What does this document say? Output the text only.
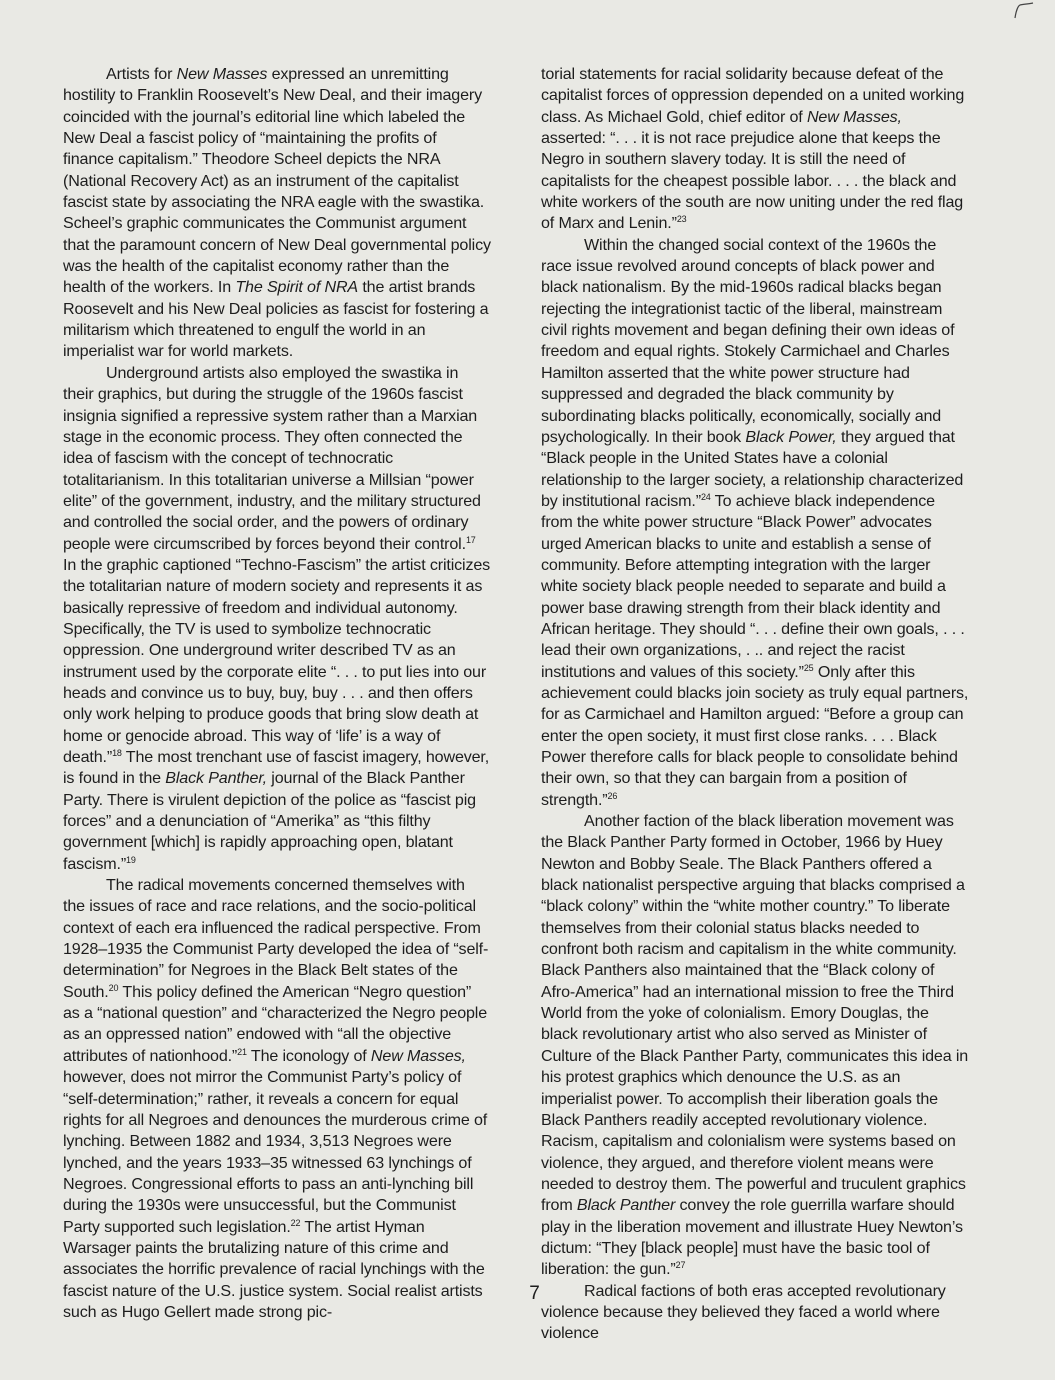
Artists for New Masses expressed an unremitting hostility to Franklin Roosevelt’s New Deal, and their imagery coincided with the journal’s editorial line which labeled the New Deal a fascist policy of “maintaining the profits of finance capitalism.” Theodore Scheel depicts the NRA (National Recovery Act) as an instrument of the capitalist fascist state by associating the NRA eagle with the swastika. Scheel’s graphic communicates the Communist argument that the paramount concern of New Deal governmental policy was the health of the capitalist economy rather than the health of the workers. In The Spirit of NRA the artist brands Roosevelt and his New Deal policies as fascist for fostering a militarism which threatened to engulf the world in an imperialist war for world markets.

Underground artists also employed the swastika in their graphics, but during the struggle of the 1960s fascist insignia signified a repressive system rather than a Marxian stage in the economic process. They often connected the idea of fascism with the concept of technocratic totalitarianism. In this totalitarian universe a Millsian “power elite” of the government, industry, and the military structured and controlled the social order, and the powers of ordinary people were circumscribed by forces beyond their control.$^{17}$ In the graphic captioned “Techno-Fascism” the artist criticizes the totalitarian nature of modern society and represents it as basically repressive of freedom and individual autonomy. Specifically, the TV is used to symbolize technocratic oppression. One underground writer described TV as an instrument used by the corporate elite “. . . to put lies into our heads and convince us to buy, buy, buy . . . and then offers only work helping to produce goods that bring slow death at home or genocide abroad. This way of ‘life’ is a way of death.”$^{18}$ The most trenchant use of fascist imagery, however, is found in the Black Panther, journal of the Black Panther Party. There is virulent depiction of the police as “fascist pig forces” and a denunciation of “Amerika” as “this filthy government [which] is rapidly approaching open, blatant fascism.”$^{19}$

The radical movements concerned themselves with the issues of race and race relations, and the socio-political context of each era influenced the radical perspective. From 1928–1935 the Communist Party developed the idea of “self-determination” for Negroes in the Black Belt states of the South.$^{20}$ This policy defined the American “Negro question” as a “national question” and “characterized the Negro people as an oppressed nation” endowed with “all the objective attributes of nationhood.”$^{21}$ The iconology of New Masses, however, does not mirror the Communist Party’s policy of “self-determination;” rather, it reveals a concern for equal rights for all Negroes and denounces the murderous crime of lynching. Between 1882 and 1934, 3,513 Negroes were lynched, and the years 1933–35 witnessed 63 lynchings of Negroes. Congressional efforts to pass an anti-lynching bill during the 1930s were unsuccessful, but the Communist Party supported such legislation.$^{22}$ The artist Hyman Warsager paints the brutalizing nature of this crime and associates the horrific prevalence of racial lynchings with the fascist nature of the U.S. justice system. Social realist artists such as Hugo Gellert made strong pic-

torial statements for racial solidarity because defeat of the capitalist forces of oppression depended on a united working class. As Michael Gold, chief editor of New Masses, asserted: “. . . it is not race prejudice alone that keeps the Negro in southern slavery today. It is still the need of capitalists for the cheapest possible labor. . . . the black and white workers of the south are now uniting under the red flag of Marx and Lenin.”$^{23}$

Within the changed social context of the 1960s the race issue revolved around concepts of black power and black nationalism. By the mid-1960s radical blacks began rejecting the integrationist tactic of the liberal, mainstream civil rights movement and began defining their own ideas of freedom and equal rights. Stokely Carmichael and Charles Hamilton asserted that the white power structure had suppressed and degraded the black community by subordinating blacks politically, economically, socially and psychologically. In their book Black Power, they argued that “Black people in the United States have a colonial relationship to the larger society, a relationship characterized by institutional racism.”$^{24}$ To achieve black independence from the white power structure “Black Power” advocates urged American blacks to unite and establish a sense of community. Before attempting integration with the larger white society black people needed to separate and build a power base drawing strength from their black identity and African heritage. They should “. . . define their own goals, . . . lead their own organizations, . .. and reject the racist institutions and values of this society.”$^{25}$ Only after this achievement could blacks join society as truly equal partners, for as Carmichael and Hamilton argued: “Before a group can enter the open society, it must first close ranks. . . . Black Power therefore calls for black people to consolidate behind their own, so that they can bargain from a position of strength.”$^{26}$

Another faction of the black liberation movement was the Black Panther Party formed in October, 1966 by Huey Newton and Bobby Seale. The Black Panthers offered a black nationalist perspective arguing that blacks comprised a “black colony” within the “white mother country.” To liberate themselves from their colonial status blacks needed to confront both racism and capitalism in the white community. Black Panthers also maintained that the “Black colony of Afro-America” had an international mission to free the Third World from the yoke of colonialism. Emory Douglas, the black revolutionary artist who also served as Minister of Culture of the Black Panther Party, communicates this idea in his protest graphics which denounce the U.S. as an imperialist power. To accomplish their liberation goals the Black Panthers readily accepted revolutionary violence. Racism, capitalism and colonialism were systems based on violence, they argued, and therefore violent means were needed to destroy them. The powerful and truculent graphics from Black Panther convey the role guerrilla warfare should play in the liberation movement and illustrate Huey Newton’s dictum: “They [black people] must have the basic tool of liberation: the gun.”$^{27}$

Radical factions of both eras accepted revolutionary violence because they believed they faced a world where violence

7
